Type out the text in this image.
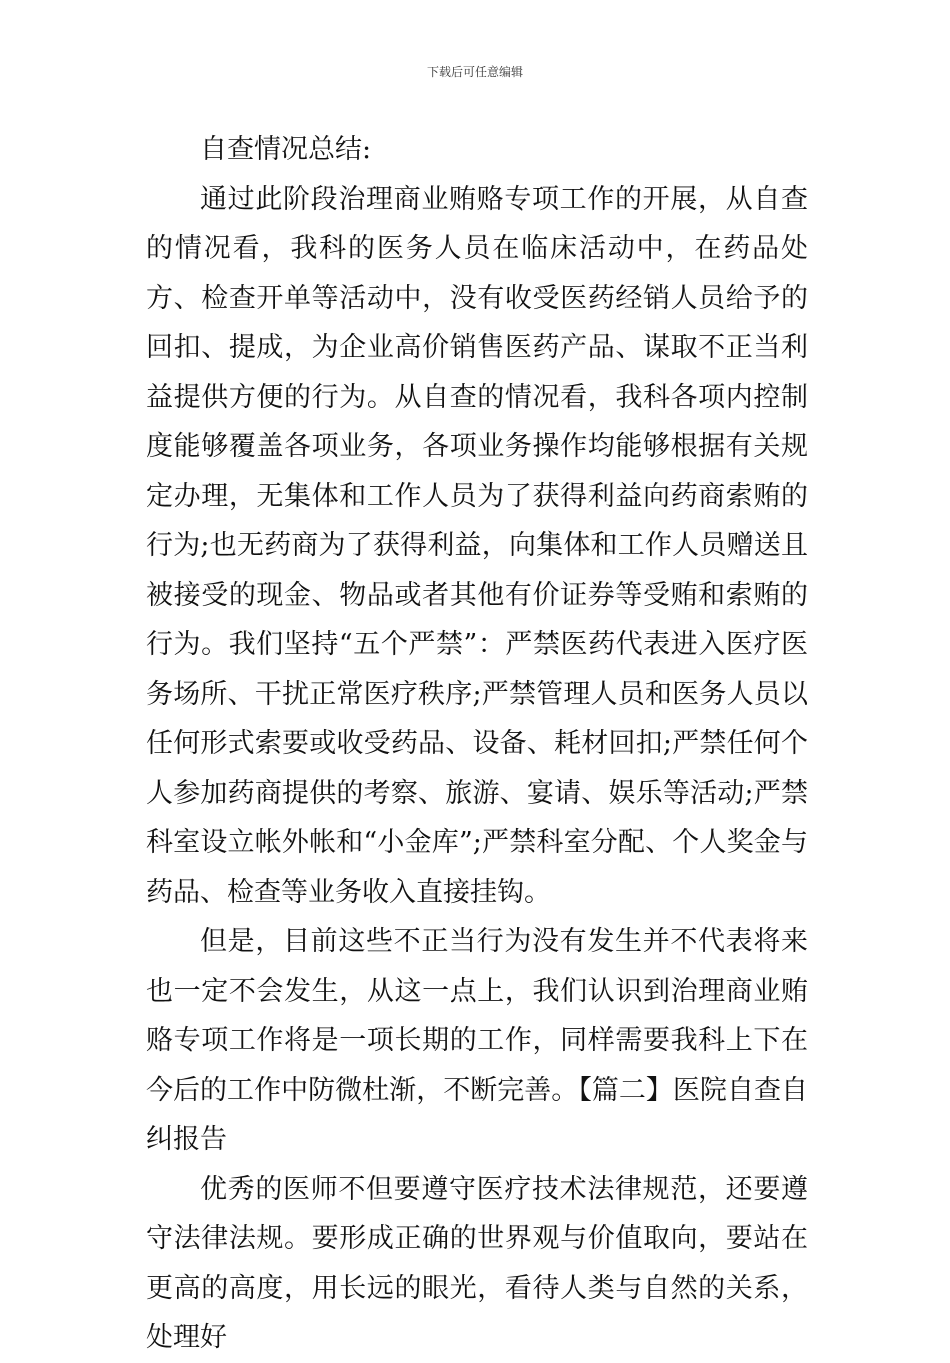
下载后可任意编辑

自查情况总结:

通过此阶段治理商业贿赂专项工作的开展，从自查的情况看，我科的医务人员在临床活动中，在药品处方、检查开单等活动中，没有收受医药经销人员给予的回扣、提成，为企业高价销售医药产品、谋取不正当利益提供方便的行为。从自查的情况看，我科各项内控制度能够覆盖各项业务，各项业务操作均能够根据有关规定办理，无集体和工作人员为了获得利益向药商索贿的行为;也无药商为了获得利益，向集体和工作人员赠送且被接受的现金、物品或者其他有价证券等受贿和索贿的行为。我们坚持“五个严禁”：严禁医药代表进入医疗医务场所、干扰正常医疗秩序;严禁管理人员和医务人员以任何形式索要或收受药品、设备、耗材回扣;严禁任何个人参加药商提供的考察、旅游、宴请、娱乐等活动;严禁科室设立帐外帐和“小金库”;严禁科室分配、个人奖金与药品、检查等业务收入直接挂钩。

但是，目前这些不正当行为没有发生并不代表将来也一定不会发生，从这一点上，我们认识到治理商业贿赂专项工作将是一项长期的工作，同样需要我科上下在今后的工作中防微杜渐，不断完善。【篇二】医院自查自纠报告

优秀的医师不但要遵守医疗技术法律规范，还要遵守法律法规。要形成正确的世界观与价值取向，要站在更高的高度，用长远的眼光，看待人类与自然的关系，处理好
